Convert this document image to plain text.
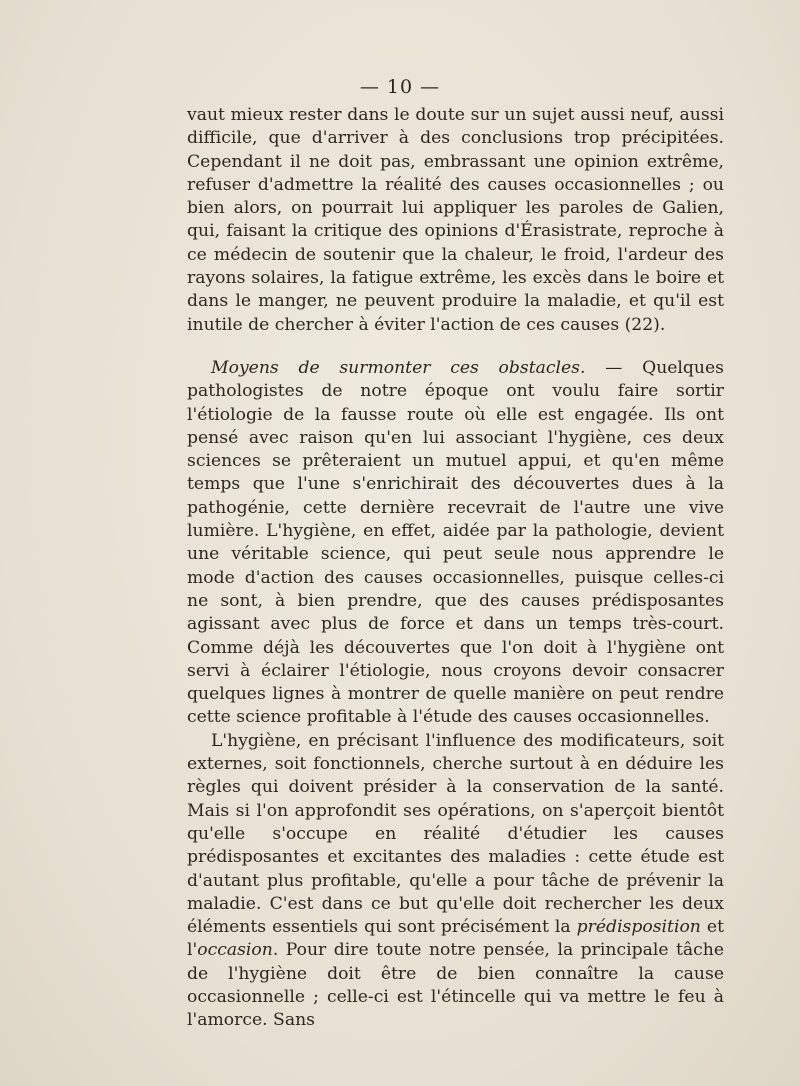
— 10 —

vaut mieux rester dans le doute sur un sujet aussi neuf, aussi difficile, que d'arriver à des conclusions trop précipitées. Cependant il ne doit pas, embrassant une opinion extrême, refuser d'admettre la réalité des causes occasionnelles ; ou bien alors, on pourrait lui appliquer les paroles de Galien, qui, faisant la critique des opinions d'Érasistrate, reproche à ce médecin de soutenir que la chaleur, le froid, l'ardeur des rayons solaires, la fatigue extrême, les excès dans le boire et dans le manger, ne peuvent produire la maladie, et qu'il est inutile de chercher à éviter l'action de ces causes (22).

Moyens de surmonter ces obstacles. — Quelques pathologistes de notre époque ont voulu faire sortir l'étiologie de la fausse route où elle est engagée. Ils ont pensé avec raison qu'en lui associant l'hygiène, ces deux sciences se prêteraient un mutuel appui, et qu'en même temps que l'une s'enrichirait des découvertes dues à la pathogénie, cette dernière recevrait de l'autre une vive lumière. L'hygiène, en effet, aidée par la pathologie, devient une véritable science, qui peut seule nous apprendre le mode d'action des causes occasionnelles, puisque celles-ci ne sont, à bien prendre, que des causes prédisposantes agissant avec plus de force et dans un temps très-court. Comme déjà les découvertes que l'on doit à l'hygiène ont servi à éclairer l'étiologie, nous croyons devoir consacrer quelques lignes à montrer de quelle manière on peut rendre cette science profitable à l'étude des causes occasionnelles.

L'hygiène, en précisant l'influence des modificateurs, soit externes, soit fonctionnels, cherche surtout à en déduire les règles qui doivent présider à la conservation de la santé. Mais si l'on approfondit ses opérations, on s'aperçoit bientôt qu'elle s'occupe en réalité d'étudier les causes prédisposantes et excitantes des maladies : cette étude est d'autant plus profitable, qu'elle a pour tâche de prévenir la maladie. C'est dans ce but qu'elle doit rechercher les deux éléments essentiels qui sont précisément la prédisposition et l'occasion. Pour dire toute notre pensée, la principale tâche de l'hygiène doit être de bien connaître la cause occasionnelle ; celle-ci est l'étincelle qui va mettre le feu à l'amorce. Sans
